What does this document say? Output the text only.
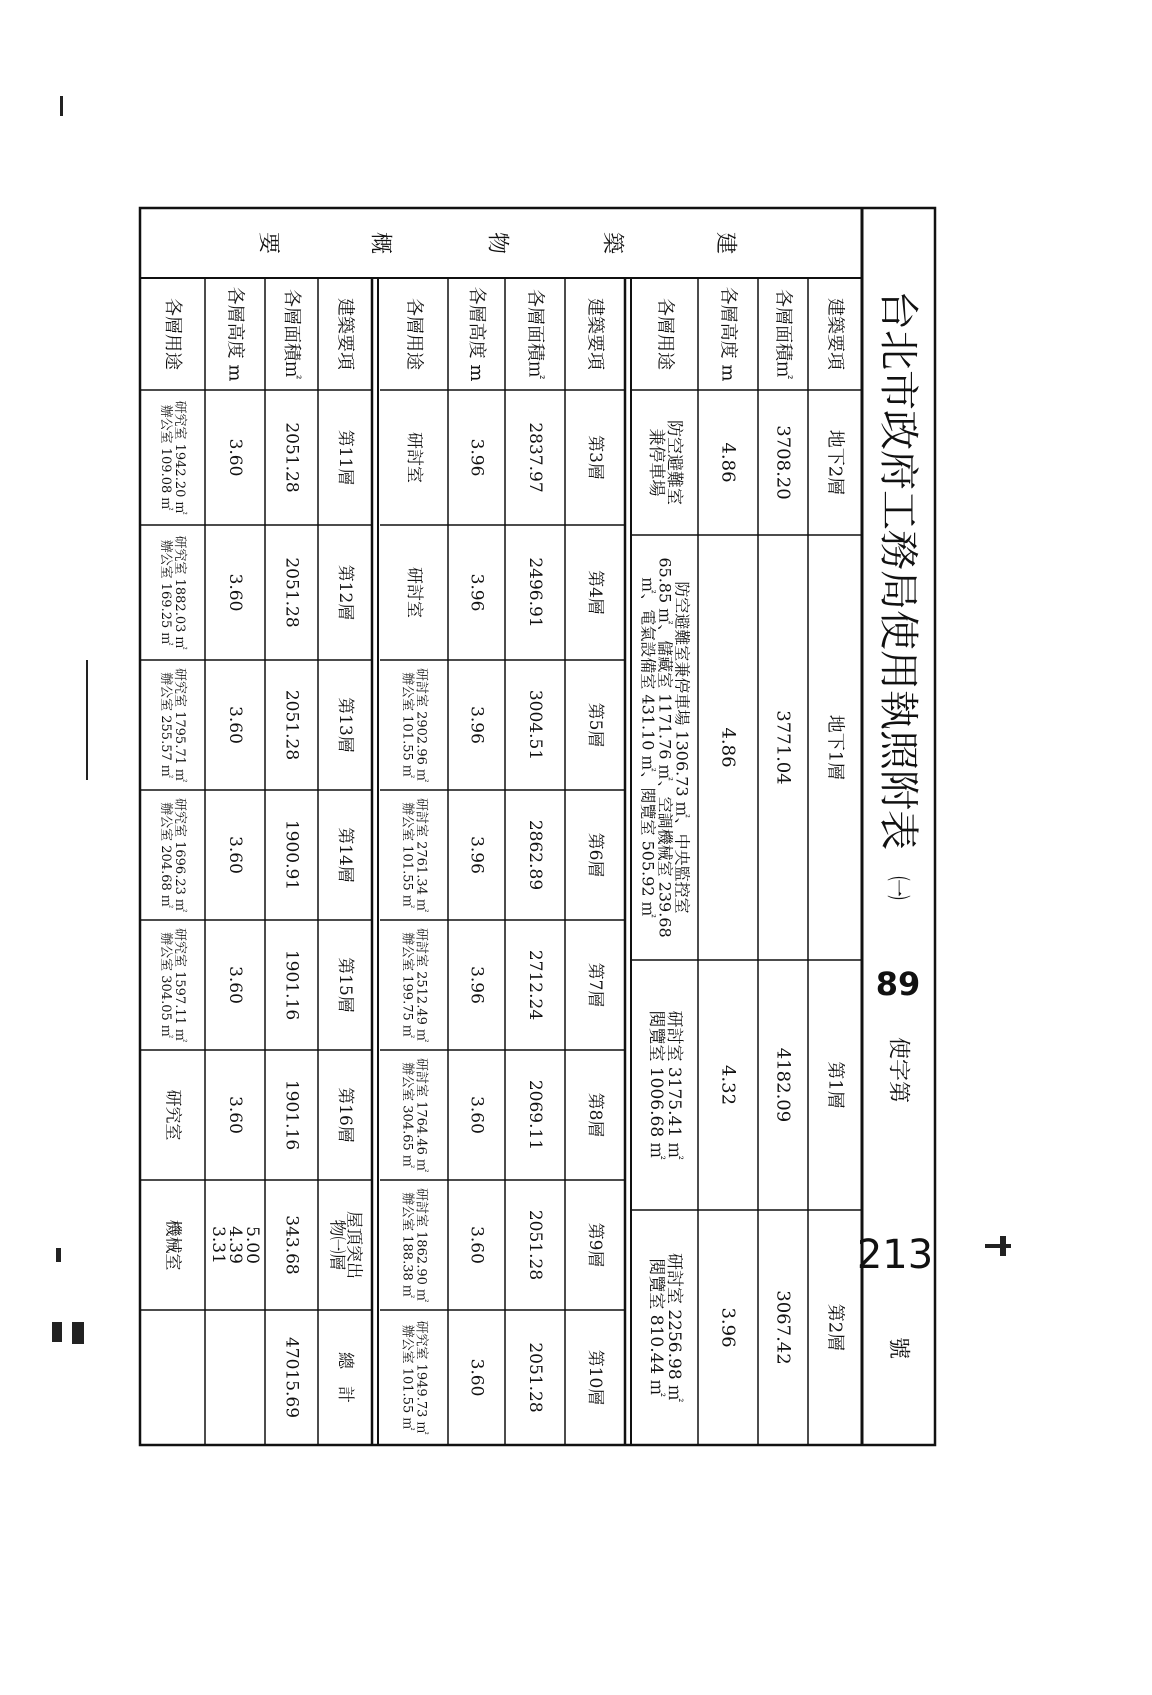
台北市政府工務局使用執照附表
㈠
89
使字第
213
號
建
築
物
概
要
建築要項
各層面積㎡
各層高度 m
各層用途
地下2層
3708.20
4.86
防空避難室
兼停車場
地下1層
3771.04
4.86
防空避難室兼停車場 1306.73 ㎡、中央監控室
65.85 ㎡、儲藏室 1171.76 ㎡、空調機械室 239.68
㎡、電氣設備室 431.10 ㎡、閱覽室 505.92 ㎡
第1層
4182.09
4.32
研討室 3175.41 ㎡
閱覽室 1006.68 ㎡
第2層
3067.42
3.96
研討室 2256.98 ㎡
閱覽室 810.44 ㎡
建築要項
各層面積㎡
各層高度 m
各層用途
第3層
2837.97
3.96
研討室
第4層
2496.91
3.96
研討室
第5層
3004.51
3.96
研討室 2902.96 ㎡
辦公室 101.55 ㎡
第6層
2862.89
3.96
研討室 2761.34 ㎡
辦公室 101.55 ㎡
第7層
2712.24
3.96
研討室 2512.49 ㎡
辦公室 199.75 ㎡
第8層
2069.11
3.60
研討室 1764.46 ㎡
辦公室 304.65 ㎡
第9層
2051.28
3.60
研討室 1862.90 ㎡
辦公室 188.38 ㎡
第10層
2051.28
3.60
研究室 1949.73 ㎡
辦公室 101.55 ㎡
建築要項
各層面積㎡
各層高度 m
各層用途
第11層
2051.28
3.60
研究室 1942.20 ㎡
辦公室 109.08 ㎡
第12層
2051.28
3.60
研究室 1882.03 ㎡
辦公室 169.25 ㎡
第13層
2051.28
3.60
研究室 1795.71 ㎡
辦公室 255.57 ㎡
第14層
1900.91
3.60
研究室 1696.23 ㎡
辦公室 204.68 ㎡
第15層
1901.16
3.60
研究室 1597.11 ㎡
辦公室 304.05 ㎡
第16層
1901.16
3.60
研究室
屋頂突出
物㈠層
343.68
5.00
4.39
3.31
機械室
總　計
47015.69
